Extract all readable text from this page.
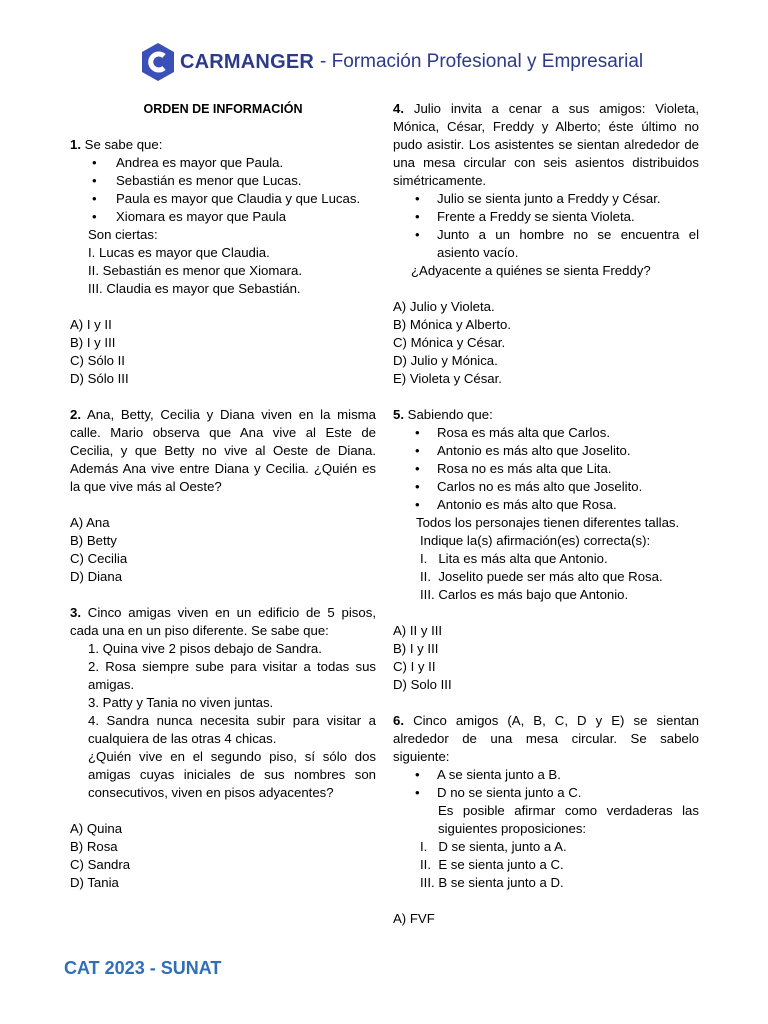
CARMANGER - Formación Profesional y Empresarial
ORDEN DE INFORMACIÓN
1. Se sabe que:
• Andrea es mayor que Paula.
• Sebastián es menor que Lucas.
• Paula es mayor que Claudia y que Lucas.
• Xiomara es mayor que Paula
Son ciertas:
I. Lucas es mayor que Claudia.
II. Sebastián es menor que Xiomara.
III. Claudia es mayor que Sebastián.
A) I y II
B) I y III
C) Sólo II
D) Sólo III
2. Ana, Betty, Cecilia y Diana viven en la misma calle. Mario observa que Ana vive al Este de Cecilia, y que Betty no vive al Oeste de Diana. Además Ana vive entre Diana y Cecilia. ¿Quién es la que vive más al Oeste?
A) Ana
B) Betty
C) Cecilia
D) Diana
3. Cinco amigas viven en un edificio de 5 pisos, cada una en un piso diferente. Se sabe que:
1. Quina vive 2 pisos debajo de Sandra.
2. Rosa siempre sube para visitar a todas sus amigas.
3. Patty y Tania no viven juntas.
4. Sandra nunca necesita subir para visitar a cualquiera de las otras 4 chicas.
¿Quién vive en el segundo piso, sí sólo dos amigas cuyas iniciales de sus nombres son consecutivos, viven en pisos adyacentes?
A) Quina
B) Rosa
C) Sandra
D) Tania
4. Julio invita a cenar a sus amigos: Violeta, Mónica, César, Freddy y Alberto; éste último no pudo asistir. Los asistentes se sientan alrededor de una mesa circular con seis asientos distribuidos simétricamente.
• Julio se sienta junto a Freddy y César.
• Frente a Freddy se sienta Violeta.
• Junto a un hombre no se encuentra el asiento vacío.
¿Adyacente a quiénes se sienta Freddy?
A) Julio y Violeta.
B) Mónica y Alberto.
C) Mónica y César.
D) Julio y Mónica.
E) Violeta y César.
5. Sabiendo que:
• Rosa es más alta que Carlos.
• Antonio es más alto que Joselito.
• Rosa no es más alta que Lita.
• Carlos no es más alto que Joselito.
• Antonio es más alto que Rosa.
Todos los personajes tienen diferentes tallas.
Indique la(s) afirmación(es) correcta(s):
I.   Lita es más alta que Antonio.
II.  Joselito puede ser más alto que Rosa.
III. Carlos es más bajo que Antonio.
A) II y III
B) I y III
C) I y II
D) Solo III
6. Cinco amigos (A, B, C, D y E) se sientan alrededor de una mesa circular. Se sabelo siguiente:
• A se sienta junto a B.
• D no se sienta junto a C.
Es posible afirmar como verdaderas las siguientes proposiciones:
I.   D se sienta, junto a A.
II.  E se sienta junto a C.
III. B se sienta junto a D.
A) FVF
CAT 2023 - SUNAT
